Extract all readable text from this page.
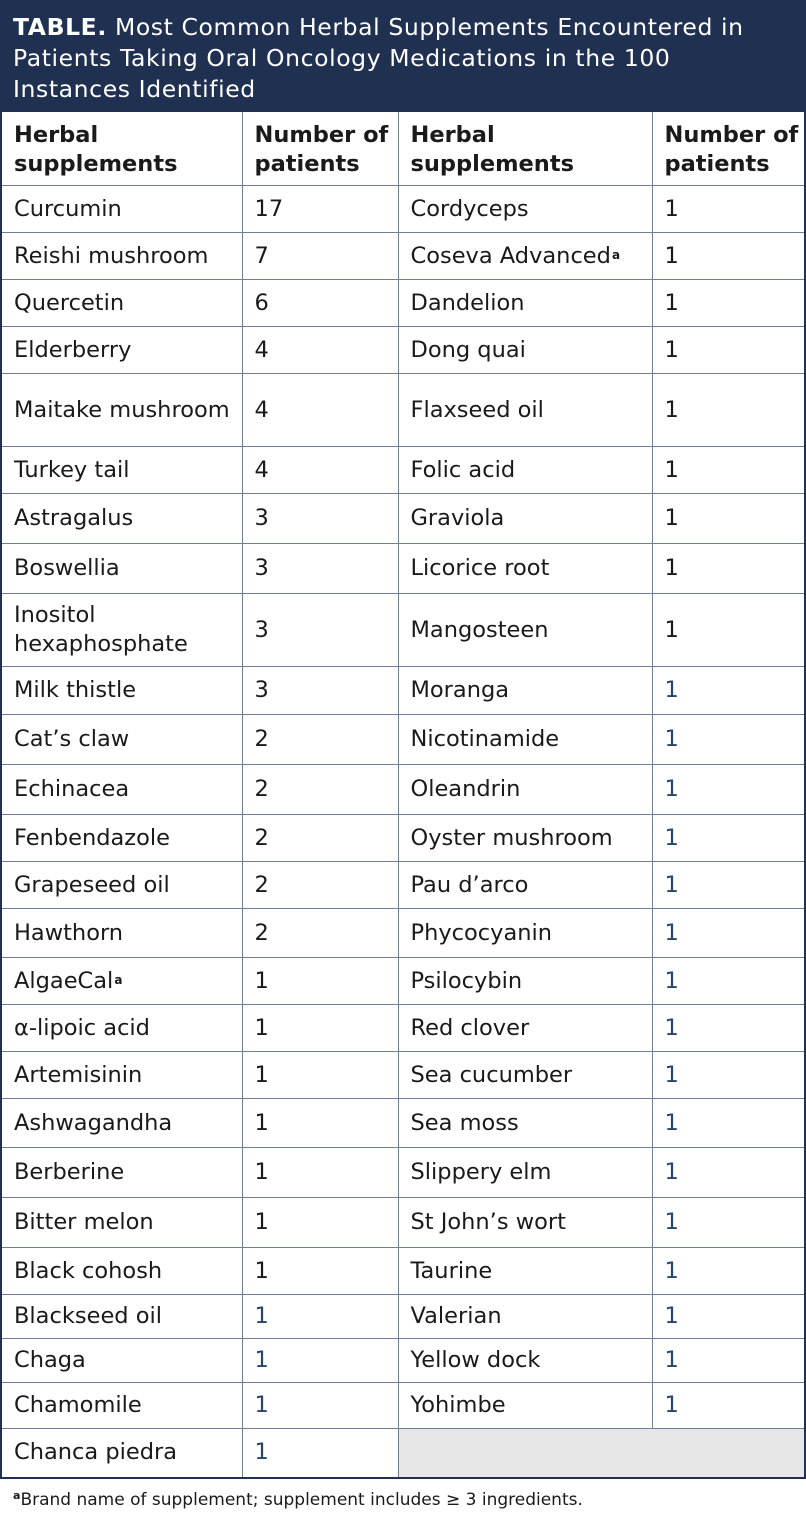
TABLE. Most Common Herbal Supplements Encountered in Patients Taking Oral Oncology Medications in the 100 Instances Identified
Herbal supplements	Number of patients	Herbal supplements	Number of patients
Curcumin	17	Cordyceps	1
Reishi mushroom	7	Coseva Advanced$^a$	1
Quercetin	6	Dandelion	1
Elderberry	4	Dong quai	1
Maitake mushroom	4	Flaxseed oil	1
Turkey tail	4	Folic acid	1
Astragalus	3	Graviola	1
Boswellia	3	Licorice root	1
Inositol hexaphosphate	3	Mangosteen	1
Milk thistle	3	Moranga	1
Cat’s claw	2	Nicotinamide	1
Echinacea	2	Oleandrin	1
Fenbendazole	2	Oyster mushroom	1
Grapeseed oil	2	Pau d’arco	1
Hawthorn	2	Phycocyanin	1
AlgaeCal$^a$	1	Psilocybin	1
α-lipoic acid	1	Red clover	1
Artemisinin	1	Sea cucumber	1
Ashwagandha	1	Sea moss	1
Berberine	1	Slippery elm	1
Bitter melon	1	St John’s wort	1
Black cohosh	1	Taurine	1
Blackseed oil	1	Valerian	1
Chaga	1	Yellow dock	1
Chamomile	1	Yohimbe	1
Chanca piedra	1		
$^a$Brand name of supplement; supplement includes ≥ 3 ingredients.
